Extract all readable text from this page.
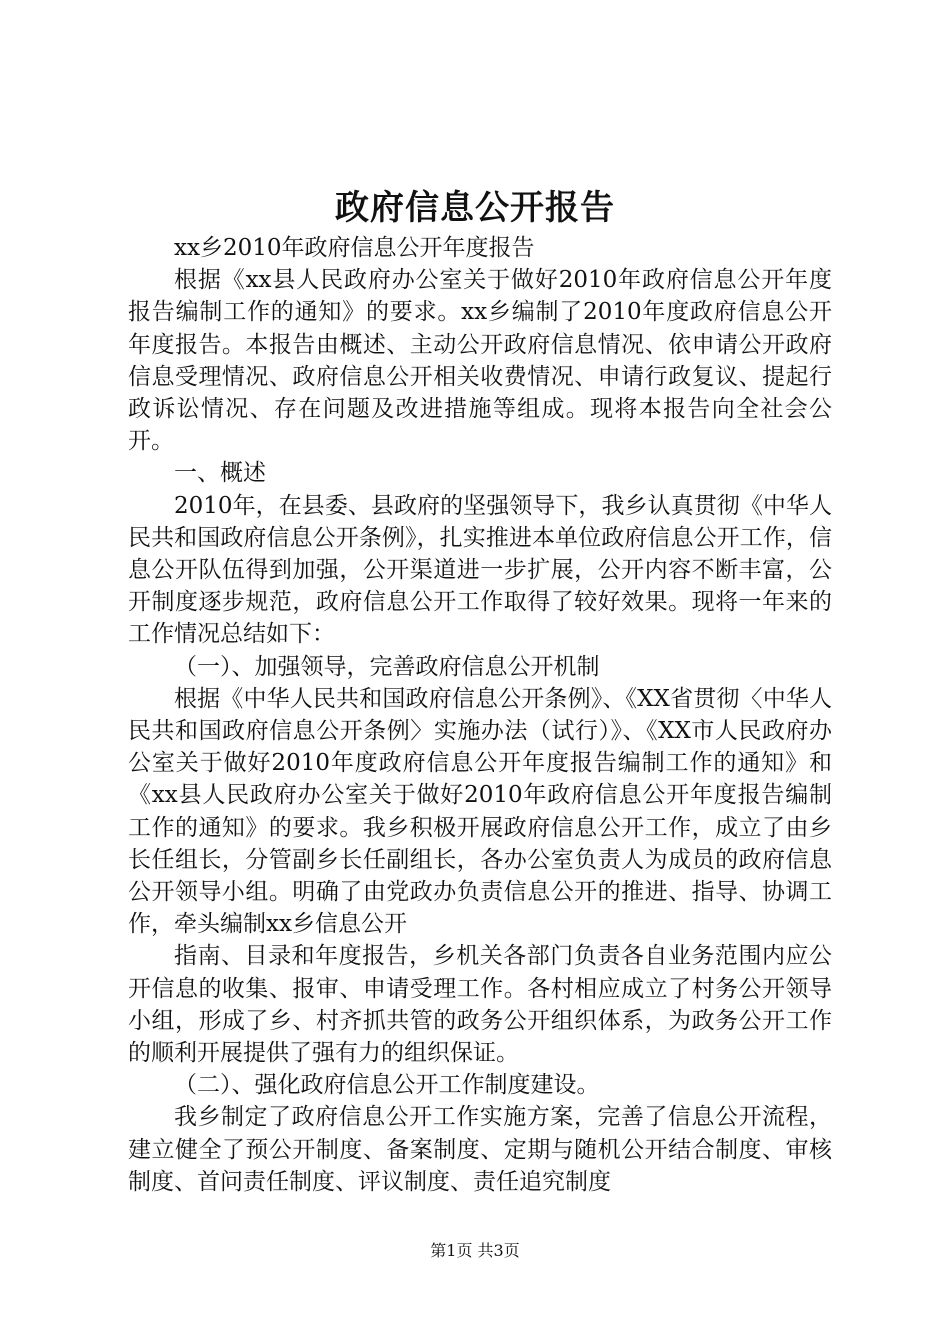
政府信息公开报告

xx乡2010年政府信息公开年度报告

根据《xx县人民政府办公室关于做好2010年政府信息公开年度报告编制工作的通知》的要求。xx乡编制了2010年度政府信息公开年度报告。本报告由概述、主动公开政府信息情况、依申请公开政府信息受理情况、政府信息公开相关收费情况、申请行政复议、提起行政诉讼情况、存在问题及改进措施等组成。现将本报告向全社会公开。

一、概述

2010年，在县委、县政府的坚强领导下，我乡认真贯彻《中华人民共和国政府信息公开条例》，扎实推进本单位政府信息公开工作，信息公开队伍得到加强，公开渠道进一步扩展，公开内容不断丰富，公开制度逐步规范，政府信息公开工作取得了较好效果。现将一年来的工作情况总结如下：

（一）、加强领导，完善政府信息公开机制

根据《中华人民共和国政府信息公开条例》、《XX省贯彻〈中华人民共和国政府信息公开条例〉实施办法（试行）》、《XX市人民政府办公室关于做好2010年度政府信息公开年度报告编制工作的通知》和《xx县人民政府办公室关于做好2010年政府信息公开年度报告编制工作的通知》的要求。我乡积极开展政府信息公开工作，成立了由乡长任组长，分管副乡长任副组长，各办公室负责人为成员的政府信息公开领导小组。明确了由党政办负责信息公开的推进、指导、协调工作，牵头编制xx乡信息公开

指南、目录和年度报告，乡机关各部门负责各自业务范围内应公开信息的收集、报审、申请受理工作。各村相应成立了村务公开领导小组，形成了乡、村齐抓共管的政务公开组织体系，为政务公开工作的顺利开展提供了强有力的组织保证。

（二）、强化政府信息公开工作制度建设。

我乡制定了政府信息公开工作实施方案，完善了信息公开流程，建立健全了预公开制度、备案制度、定期与随机公开结合制度、审核制度、首问责任制度、评议制度、责任追究制度

第1页 共3页
